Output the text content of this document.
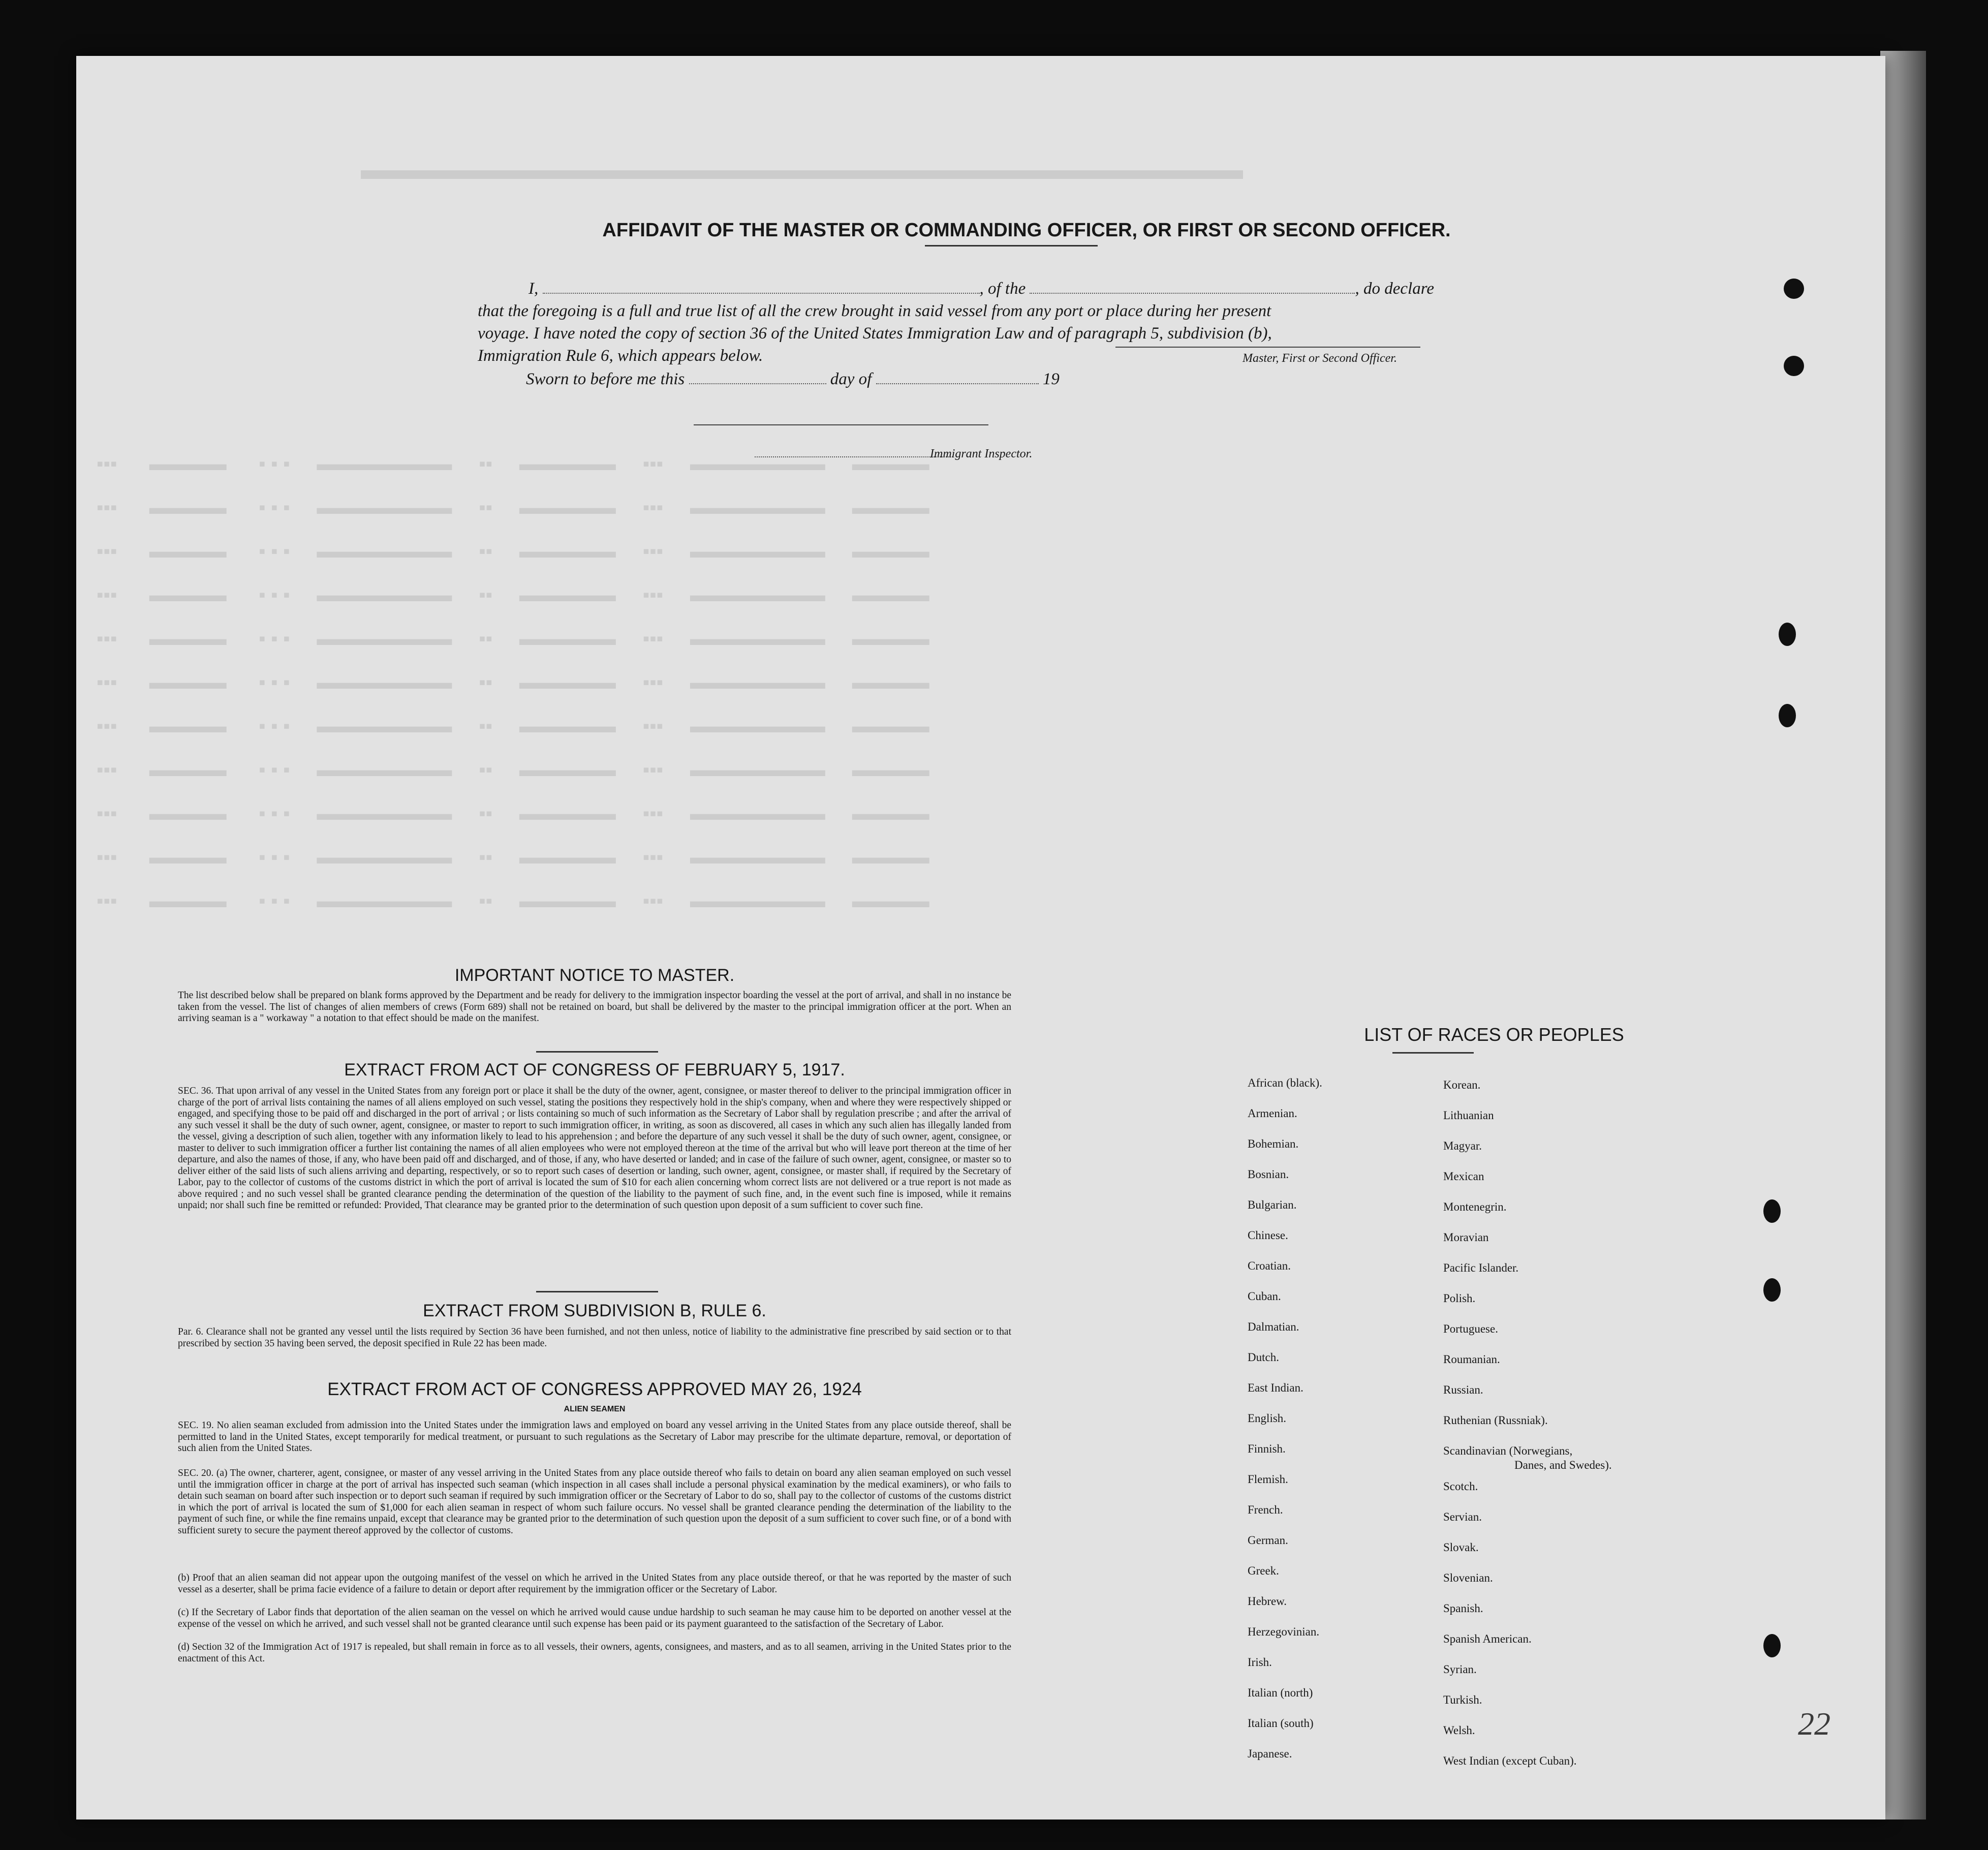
▬▬▬▬▬▬▬▬▬▬▬▬▬▬▬▬▬▬▬▬▬▬▬▬▬▬▬▬▬▬▬
▪▪▪      ▬▬▬▬      ▪ ▪ ▪     ▬▬▬▬▬▬▬     ▪▪     ▬▬▬▬▬     ▪▪▪     ▬▬▬▬▬▬▬     ▬▬▬▬
▪▪▪      ▬▬▬▬      ▪ ▪ ▪     ▬▬▬▬▬▬▬     ▪▪     ▬▬▬▬▬     ▪▪▪     ▬▬▬▬▬▬▬     ▬▬▬▬
▪▪▪      ▬▬▬▬      ▪ ▪ ▪     ▬▬▬▬▬▬▬     ▪▪     ▬▬▬▬▬     ▪▪▪     ▬▬▬▬▬▬▬     ▬▬▬▬
▪▪▪      ▬▬▬▬      ▪ ▪ ▪     ▬▬▬▬▬▬▬     ▪▪     ▬▬▬▬▬     ▪▪▪     ▬▬▬▬▬▬▬     ▬▬▬▬
▪▪▪      ▬▬▬▬      ▪ ▪ ▪     ▬▬▬▬▬▬▬     ▪▪     ▬▬▬▬▬     ▪▪▪     ▬▬▬▬▬▬▬     ▬▬▬▬
▪▪▪      ▬▬▬▬      ▪ ▪ ▪     ▬▬▬▬▬▬▬     ▪▪     ▬▬▬▬▬     ▪▪▪     ▬▬▬▬▬▬▬     ▬▬▬▬
▪▪▪      ▬▬▬▬      ▪ ▪ ▪     ▬▬▬▬▬▬▬     ▪▪     ▬▬▬▬▬     ▪▪▪     ▬▬▬▬▬▬▬     ▬▬▬▬
▪▪▪      ▬▬▬▬      ▪ ▪ ▪     ▬▬▬▬▬▬▬     ▪▪     ▬▬▬▬▬     ▪▪▪     ▬▬▬▬▬▬▬     ▬▬▬▬
▪▪▪      ▬▬▬▬      ▪ ▪ ▪     ▬▬▬▬▬▬▬     ▪▪     ▬▬▬▬▬     ▪▪▪     ▬▬▬▬▬▬▬     ▬▬▬▬
▪▪▪      ▬▬▬▬      ▪ ▪ ▪     ▬▬▬▬▬▬▬     ▪▪     ▬▬▬▬▬     ▪▪▪     ▬▬▬▬▬▬▬     ▬▬▬▬
▪▪▪      ▬▬▬▬      ▪ ▪ ▪     ▬▬▬▬▬▬▬     ▪▪     ▬▬▬▬▬     ▪▪▪     ▬▬▬▬▬▬▬     ▬▬▬▬
AFFIDAVIT OF THE MASTER OR COMMANDING OFFICER, OR FIRST OR SECOND OFFICER.
I,	, of the	, do declare
that the foregoing is a full and true list of all the crew brought in said vessel from any port or place during her present
voyage. I have noted the copy of section 36 of the United States Immigration Law and of paragraph 5, subdivision (b),
Immigration Rule 6, which appears below.	Master, First or Second Officer.
Sworn to before me this	day of	19
Immigrant Inspector.
IMPORTANT NOTICE TO MASTER.
The list described below shall be prepared on blank forms approved by the Department and be ready for delivery to the immigration inspector boarding the vessel at the port of arrival, and shall in no instance be taken from the vessel. The list of changes of alien members of crews (Form 689) shall not be retained on board, but shall be delivered by the master to the principal immigration officer at the port. When an arriving seaman is a " workaway " a notation to that effect should be made on the manifest.
EXTRACT FROM ACT OF CONGRESS OF FEBRUARY 5, 1917.
SEC. 36. That upon arrival of any vessel in the United States from any foreign port or place it shall be the duty of the owner, agent, consignee, or master thereof to deliver to the principal immigration officer in charge of the port of arrival lists containing the names of all aliens employed on such vessel, stating the positions they respectively hold in the ship's company, when and where they were respectively shipped or engaged, and specifying those to be paid off and discharged in the port of arrival ; or lists containing so much of such information as the Secretary of Labor shall by regulation prescribe ; and after the arrival of any such vessel it shall be the duty of such owner, agent, consignee, or master to report to such immigration officer, in writing, as soon as discovered, all cases in which any such alien has illegally landed from the vessel, giving a description of such alien, together with any information likely to lead to his apprehension ; and before the departure of any such vessel it shall be the duty of such owner, agent, consignee, or master to deliver to such immigration officer a further list containing the names of all alien employees who were not employed thereon at the time of the arrival but who will leave port thereon at the time of her departure, and also the names of those, if any, who have been paid off and discharged, and of those, if any, who have deserted or landed; and in case of the failure of such owner, agent, consignee, or master so to deliver either of the said lists of such aliens arriving and departing, respectively, or so to report such cases of desertion or landing, such owner, agent, consignee, or master shall, if required by the Secretary of Labor, pay to the collector of customs of the customs district in which the port of arrival is located the sum of $10 for each alien concerning whom correct lists are not delivered or a true report is not made as above required ; and no such vessel shall be granted clearance pending the determination of the question of the liability to the payment of such fine, and, in the event such fine is imposed, while it remains unpaid; nor shall such fine be remitted or refunded: Provided, That clearance may be granted prior to the determination of such question upon deposit of a sum sufficient to cover such fine.
EXTRACT FROM SUBDIVISION B, RULE 6.
Par. 6. Clearance shall not be granted any vessel until the lists required by Section 36 have been furnished, and not then unless, notice of liability to the administrative fine prescribed by said section or to that prescribed by section 35 having been served, the deposit specified in Rule 22 has been made.
EXTRACT FROM ACT OF CONGRESS APPROVED MAY 26, 1924
ALIEN SEAMEN
SEC. 19. No alien seaman excluded from admission into the United States under the immigration laws and employed on board any vessel arriving in the United States from any place outside thereof, shall be permitted to land in the United States, except temporarily for medical treatment, or pursuant to such regulations as the Secretary of Labor may prescribe for the ultimate departure, removal, or deportation of such alien from the United States.
SEC. 20. (a) The owner, charterer, agent, consignee, or master of any vessel arriving in the United States from any place outside thereof who fails to detain on board any alien seaman employed on such vessel until the immigration officer in charge at the port of arrival has inspected such seaman (which inspection in all cases shall include a personal physical examination by the medical examiners), or who fails to detain such seaman on board after such inspection or to deport such seaman if required by such immigration officer or the Secretary of Labor to do so, shall pay to the collector of customs of the customs district in which the port of arrival is located the sum of $1,000 for each alien seaman in respect of whom such failure occurs. No vessel shall be granted clearance pending the determination of the liability to the payment of such fine, or while the fine remains unpaid, except that clearance may be granted prior to the determination of such question upon the deposit of a sum sufficient to cover such fine, or of a bond with sufficient surety to secure the payment thereof approved by the collector of customs.
(b) Proof that an alien seaman did not appear upon the outgoing manifest of the vessel on which he arrived in the United States from any place outside thereof, or that he was reported by the master of such vessel as a deserter, shall be prima facie evidence of a failure to detain or deport after requirement by the immigration officer or the Secretary of Labor.
(c) If the Secretary of Labor finds that deportation of the alien seaman on the vessel on which he arrived would cause undue hardship to such seaman he may cause him to be deported on another vessel at the expense of the vessel on which he arrived, and such vessel shall not be granted clearance until such expense has been paid or its payment guaranteed to the satisfaction of the Secretary of Labor.
(d) Section 32 of the Immigration Act of 1917 is repealed, but shall remain in force as to all vessels, their owners, agents, consignees, and masters, and as to all seamen, arriving in the United States prior to the enactment of this Act.
LIST OF RACES OR PEOPLES
African (black).
Armenian.
Bohemian.
Bosnian.
Bulgarian.
Chinese.
Croatian.
Cuban.
Dalmatian.
Dutch.
East Indian.
English.
Finnish.
Flemish.
French.
German.
Greek.
Hebrew.
Herzegovinian.
Irish.
Italian (north)
Italian (south)
Japanese.
Korean.
Lithuanian
Magyar.
Mexican
Montenegrin.
Moravian
Pacific Islander.
Polish.
Portuguese.
Roumanian.
Russian.
Ruthenian (Russniak).
Scandinavian (Norwegians,
Danes, and Swedes).
Scotch.
Servian.
Slovak.
Slovenian.
Spanish.
Spanish American.
Syrian.
Turkish.
Welsh.
West Indian (except Cuban).
22
